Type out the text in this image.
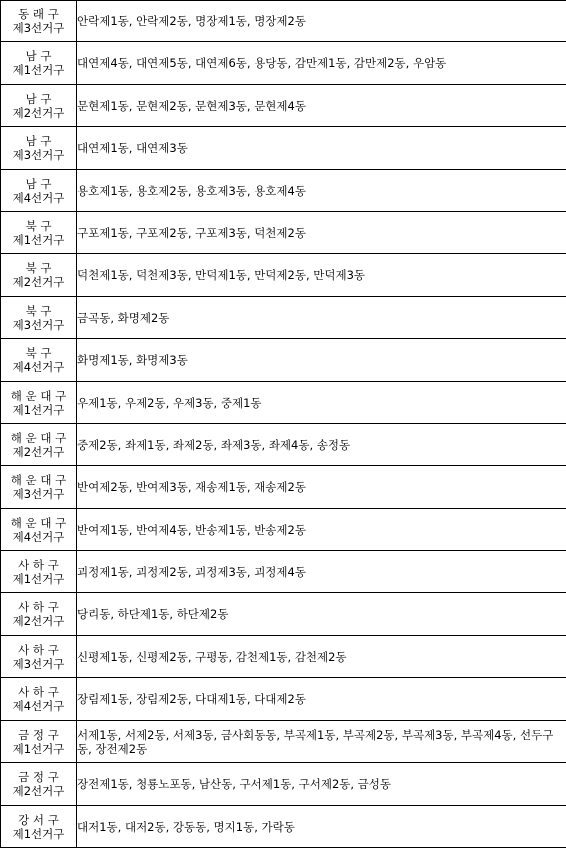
동 래 구
제3선거구	안락제1동, 안락제2동, 명장제1동, 명장제2동

남 구
제1선거구	대연제4동, 대연제5동, 대연제6동, 용당동, 감만제1동, 감만제2동, 우암동

남 구
제2선거구	문현제1동, 문현제2동, 문현제3동, 문현제4동

남 구
제3선거구	대연제1동, 대연제3동

남 구
제4선거구	용호제1동, 용호제2동, 용호제3동, 용호제4동

북 구
제1선거구	구포제1동, 구포제2동, 구포제3동, 덕천제2동

북 구
제2선거구	덕천제1동, 덕천제3동, 만덕제1동, 만덕제2동, 만덕제3동

북 구
제3선거구	금곡동, 화명제2동

북 구
제4선거구	화명제1동, 화명제3동

해 운 대 구
제1선거구	우제1동, 우제2동, 우제3동, 중제1동

해 운 대 구
제2선거구	중제2동, 좌제1동, 좌제2동, 좌제3동, 좌제4동, 송정동

해 운 대 구
제3선거구	반여제2동, 반여제3동, 재송제1동, 재송제2동

해 운 대 구
제4선거구	반여제1동, 반여제4동, 반송제1동, 반송제2동

사 하 구
제1선거구	괴정제1동, 괴정제2동, 괴정제3동, 괴정제4동

사 하 구
제2선거구	당리동, 하단제1동, 하단제2동

사 하 구
제3선거구	신평제1동, 신평제2동, 구평동, 감천제1동, 감천제2동

사 하 구
제4선거구	장림제1동, 장림제2동, 다대제1동, 다대제2동

금 정 구
제1선거구	서제1동, 서제2동, 서제3동, 금사회동동, 부곡제1동, 부곡제2동, 부곡제3동, 부곡제4동, 선두구동, 장전제2동

금 정 구
제2선거구	장전제1동, 청룡노포동, 남산동, 구서제1동, 구서제2동, 금성동

강 서 구
제1선거구	대저1동, 대저2동, 강동동, 명지1동, 가락동
